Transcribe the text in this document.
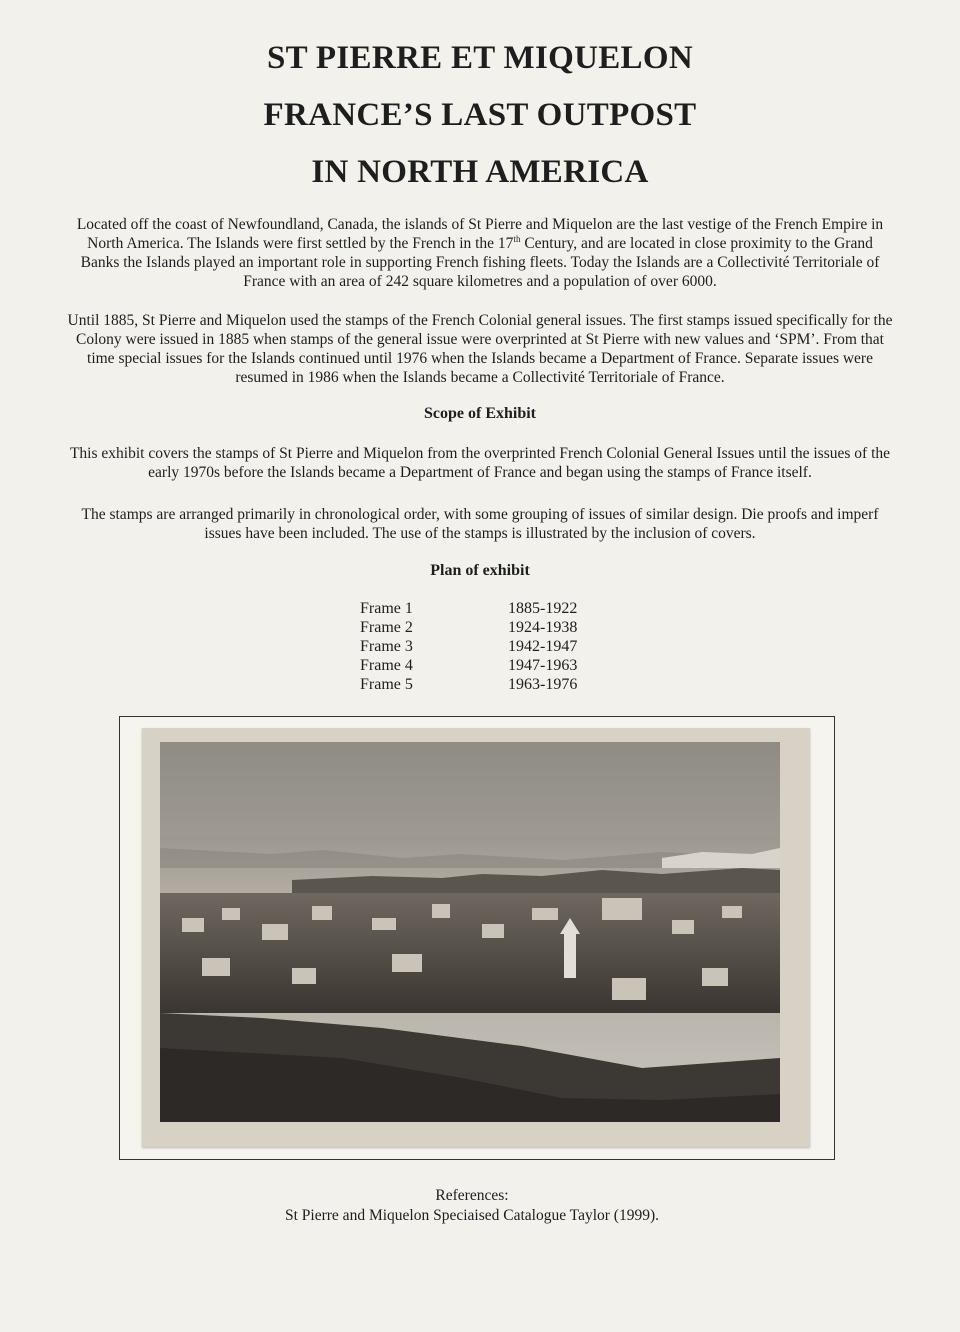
ST PIERRE ET MIQUELON
FRANCE’S LAST OUTPOST
IN NORTH AMERICA
Located off the coast of Newfoundland, Canada, the islands of St Pierre and Miquelon are the last vestige of the French Empire in
North America. The Islands were first settled by the French in the 17th Century, and are located in close proximity to the Grand
Banks the Islands played an important role in supporting French fishing fleets. Today the Islands are a Collectivité Territoriale of
France with an area of 242 square kilometres and a population of over 6000.
Until 1885, St Pierre and Miquelon used the stamps of the French Colonial general issues. The first stamps issued specifically for the
Colony were issued in 1885 when stamps of the general issue were overprinted at St Pierre with new values and ‘SPM’. From that
time special issues for the Islands continued until 1976 when the Islands became a Department of France. Separate issues were
resumed in 1986 when the Islands became a Collectivité Territoriale of France.
Scope of Exhibit
This exhibit covers the stamps of St Pierre and Miquelon from the overprinted French Colonial General Issues until the issues of the
early 1970s before the Islands became a Department of France and began using the stamps of France itself.
The stamps are arranged primarily in chronological order, with some grouping of issues of similar design. Die proofs and imperf
issues have been included. The use of the stamps is illustrated by the inclusion of covers.
Plan of exhibit
Frame 1	1885-1922
Frame 2	1924-1938
Frame 3	1942-1947
Frame 4	1947-1963
Frame 5	1963-1976
References:
St Pierre and Miquelon Speciaised Catalogue Taylor (1999).
